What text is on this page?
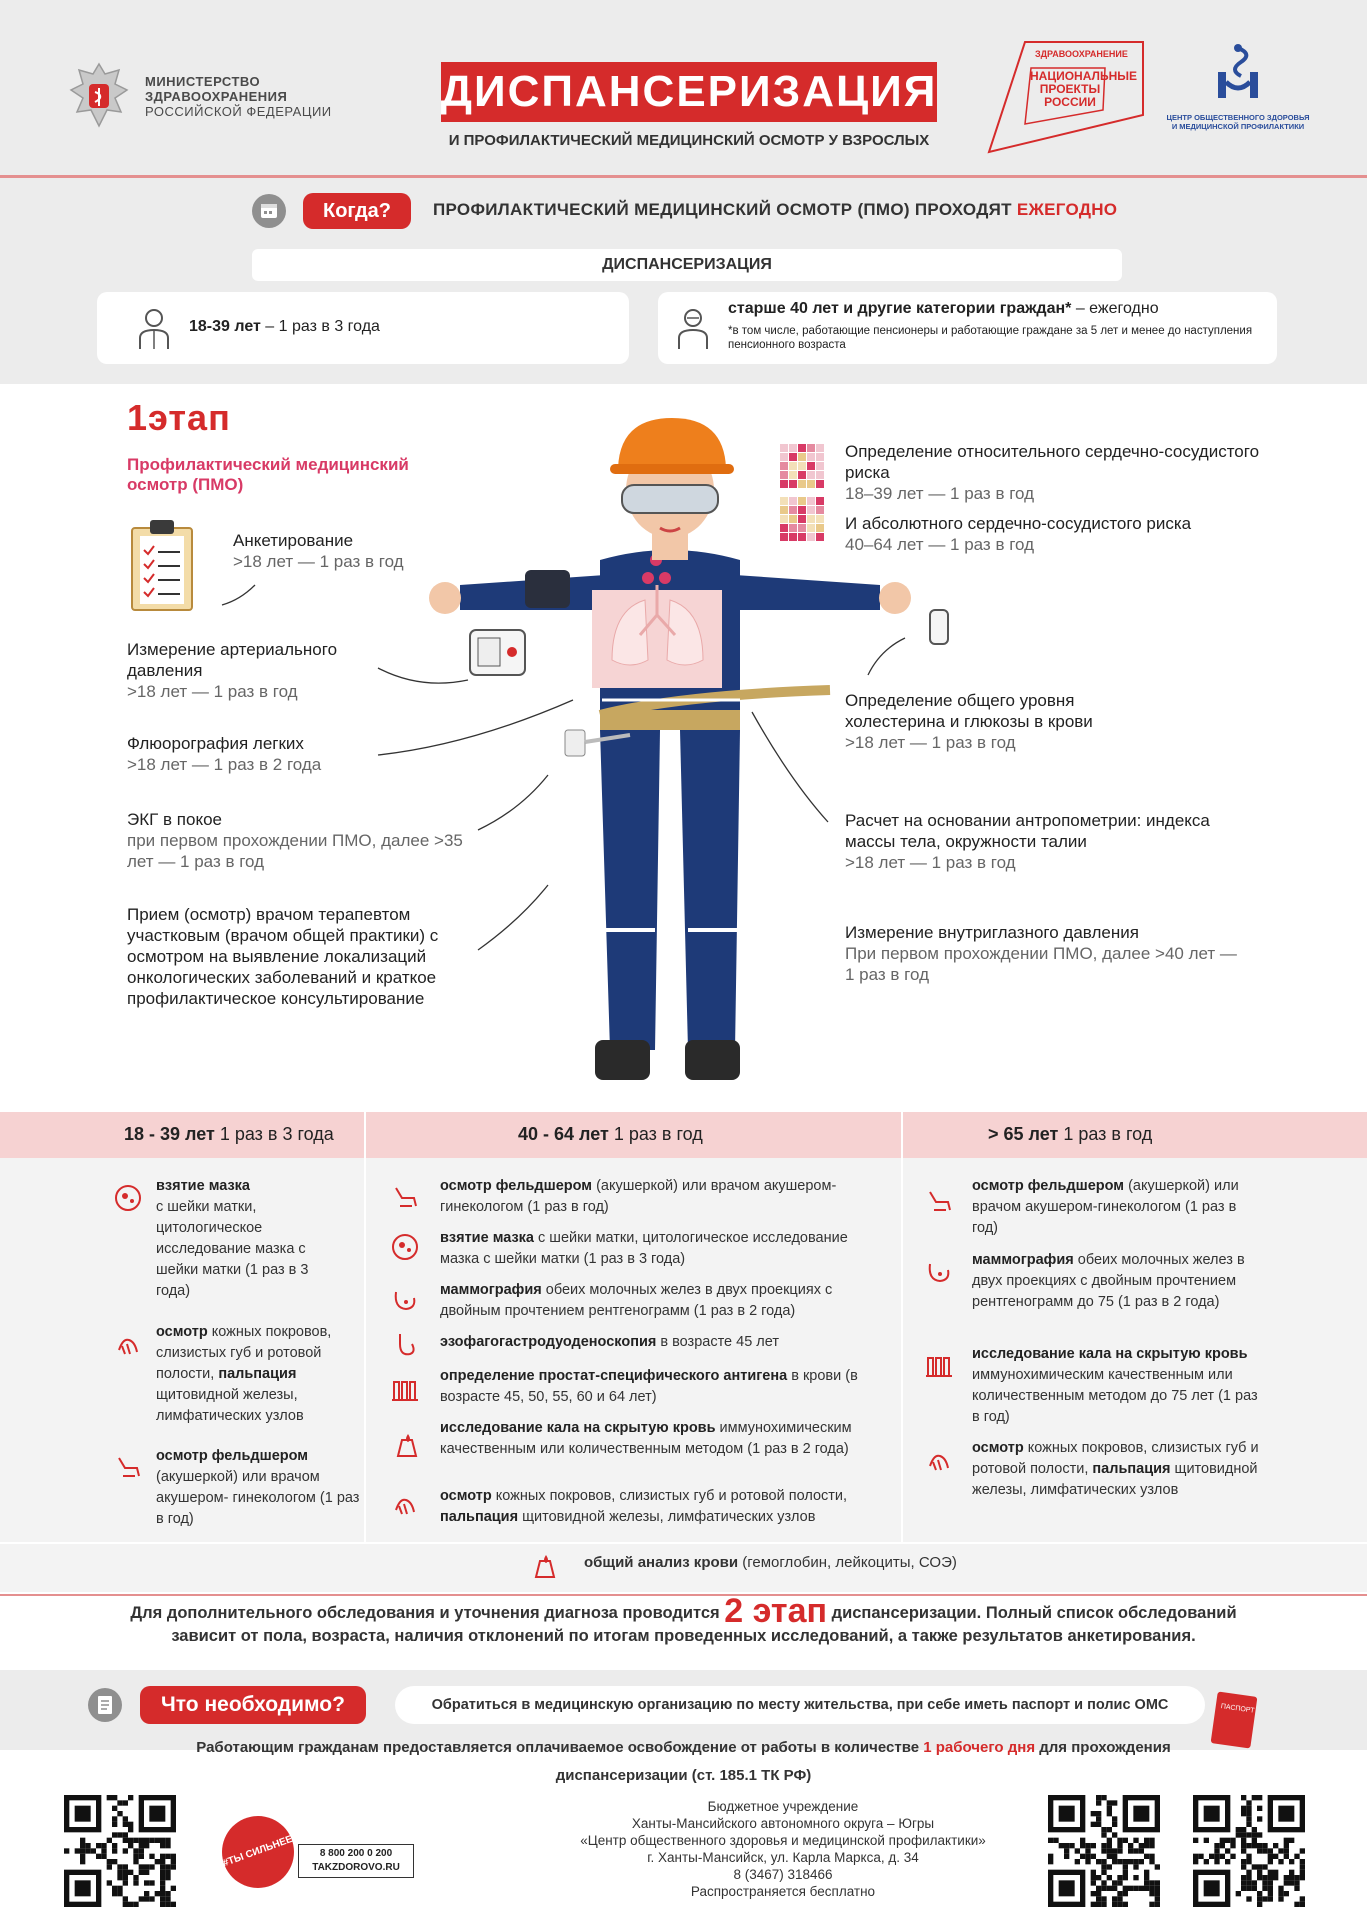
МИНИСТЕРСТВО
ЗДРАВООХРАНЕНИЯ
РОССИЙСКОЙ ФЕДЕРАЦИИ ДИСПАНСЕРИЗАЦИЯ
И ПРОФИЛАКТИЧЕСКИЙ МЕДИЦИНСКИЙ ОСМОТР У ВЗРОСЛЫХ
ЗДРАВООХРАНЕНИЕ
НАЦИОНАЛЬНЫЕ ПРОЕКТЫ РОССИИ
ЦЕНТР ОБЩЕСТВЕННОГО ЗДОРОВЬЯ И МЕДИЦИНСКОЙ ПРОФИЛАКТИКИ
Когда?	ПРОФИЛАКТИЧЕСКИЙ МЕДИЦИНСКИЙ ОСМОТР (ПМО) ПРОХОДЯТ ЕЖЕГОДНО
ДИСПАНСЕРИЗАЦИЯ
18-39 лет – 1 раз в 3 года
старше 40 лет и другие категории граждан* – ежегодно
*в том числе, работающие пенсионеры и работающие граждане за 5 лет и менее до наступления пенсионного возраста
1этап
Профилактический медицинский осмотр (ПМО)
Анкетирование
>18 лет — 1 раз в год
Измерение артериального давления
>18 лет — 1 раз в год
Флюорография легких
>18 лет — 1 раз в 2 года
ЭКГ в покое
при первом прохождении ПМО, далее >35 лет — 1 раз в год
Прием (осмотр) врачом терапевтом участковым (врачом общей практики) с осмотром на выявление локализаций онкологических заболеваний и краткое профилактическое консультирование
Определение относительного сердечно-сосудистого риска
18–39 лет — 1 раз в год
И абсолютного сердечно-сосудистого риска
40–64 лет — 1 раз в год
Определение общего уровня холестерина и глюкозы в крови
>18 лет — 1 раз в год
Расчет на основании антропометрии: индекса массы тела, окружности талии
>18 лет — 1 раз в год
Измерение внутриглазного давления
При первом прохождении ПМО, далее >40 лет — 1 раз в год
18 - 39 лет 1 раз в 3 года	40 - 64 лет 1 раз в год	> 65 лет 1 раз в год
взятие мазка
с шейки матки, цитологическое исследование мазка с шейки матки (1 раз в 3 года)
осмотр кожных покровов, слизистых губ и ротовой полости, пальпация щитовидной железы, лимфатических узлов
осмотр фельдшером
(акушеркой) или врачом акушером- гинекологом (1 раз в год)
осмотр фельдшером (акушеркой) или врачом акушером- гинекологом (1 раз в год)
взятие мазка с шейки матки, цитологическое исследование мазка с шейки матки (1 раз в 3 года)
маммография обеих молочных желез в двух проекциях с двойным прочтением рентгенограмм (1 раз в 2 года)
эзофагогастродуоденоскопия в возрасте 45 лет
определение простат-специфического антигена в крови (в возрасте 45, 50, 55, 60 и 64 лет)
исследование кала на скрытую кровь иммунохимическим качественным или количественным методом (1 раз в 2 года)
осмотр кожных покровов, слизистых губ и ротовой полости, пальпация щитовидной железы, лимфатических узлов
осмотр фельдшером (акушеркой) или врачом акушером-гинекологом (1 раз в год)
маммография обеих молочных желез в двух проекциях с двойным прочтением рентгенограмм до 75 (1 раз в 2 года)
исследование кала на скрытую кровь иммунохимическим качественным или количественным методом до 75 лет (1 раз в год)
осмотр кожных покровов, слизистых губ и ротовой полости, пальпация щитовидной железы, лимфатических узлов
общий анализ крови (гемоглобин, лейкоциты, СОЭ)
Для дополнительного обследования и уточнения диагноза проводится 2 этап диспансеризации. Полный список обследований зависит от пола, возраста, наличия отклонений по итогам проведенных исследований, а также результатов анкетирования.
Что необходимо?	Обратиться в медицинскую организацию по месту жительства, при себе иметь паспорт и полис ОМС	ПАСПОРТ
Работающим гражданам предоставляется оплачиваемое освобождение от работы в количестве 1 рабочего дня для прохождения диспансеризации (ст. 185.1 ТК РФ)
#ТЫ СИЛЬНЕЕ	8 800 200 0 200
TAKZDOROVO.RU
Бюджетное учреждение
Ханты-Мансийского автономного округа – Югры
«Центр общественного здоровья и медицинской профилактики»
г. Ханты-Мансийск, ул. Карла Маркса, д. 34
8 (3467) 318466
Распространяется бесплатно
